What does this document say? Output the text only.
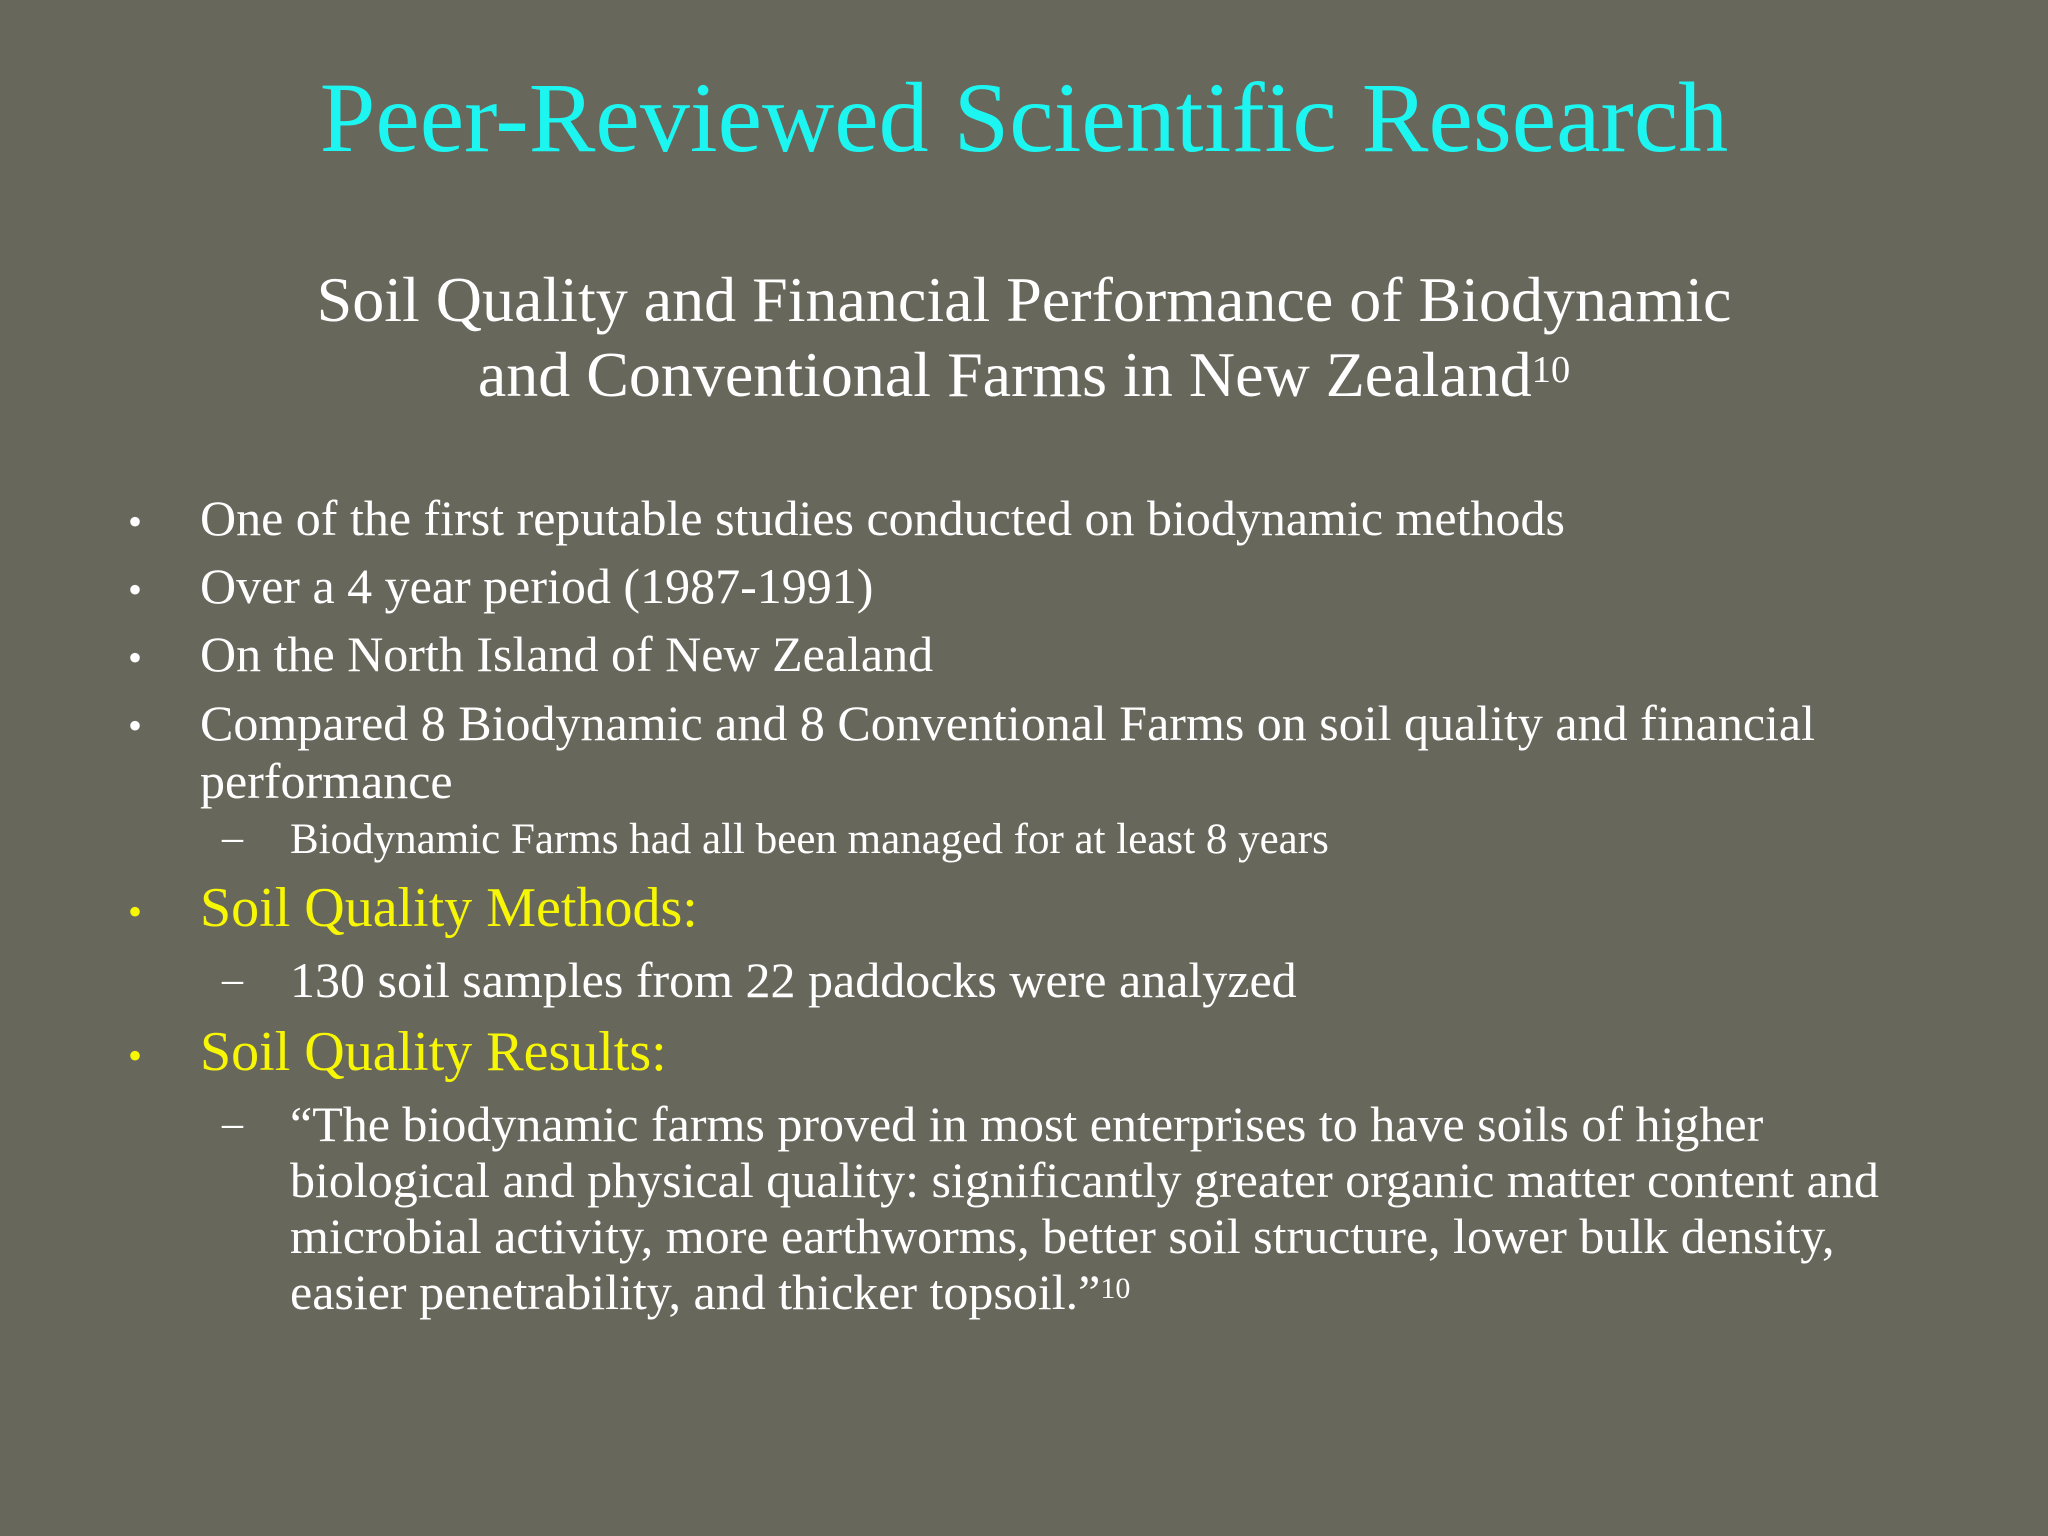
Peer-Reviewed Scientific Research
Soil Quality and Financial Performance of Biodynamic
and Conventional Farms in New Zealand$^{10}$
• One of the first reputable studies conducted on biodynamic methods
• Over a 4 year period (1987-1991)
• On the North Island of New Zealand
• Compared 8 Biodynamic and 8 Conventional Farms on soil quality and financial performance
– Biodynamic Farms had all been managed for at least 8 years
• Soil Quality Methods:
– 130 soil samples from 22 paddocks were analyzed
• Soil Quality Results:
– “The biodynamic farms proved in most enterprises to have soils of higher biological and physical quality: significantly greater organic matter content and microbial activity, more earthworms, better soil structure, lower bulk density, easier penetrability, and thicker topsoil.”$^{10}$
